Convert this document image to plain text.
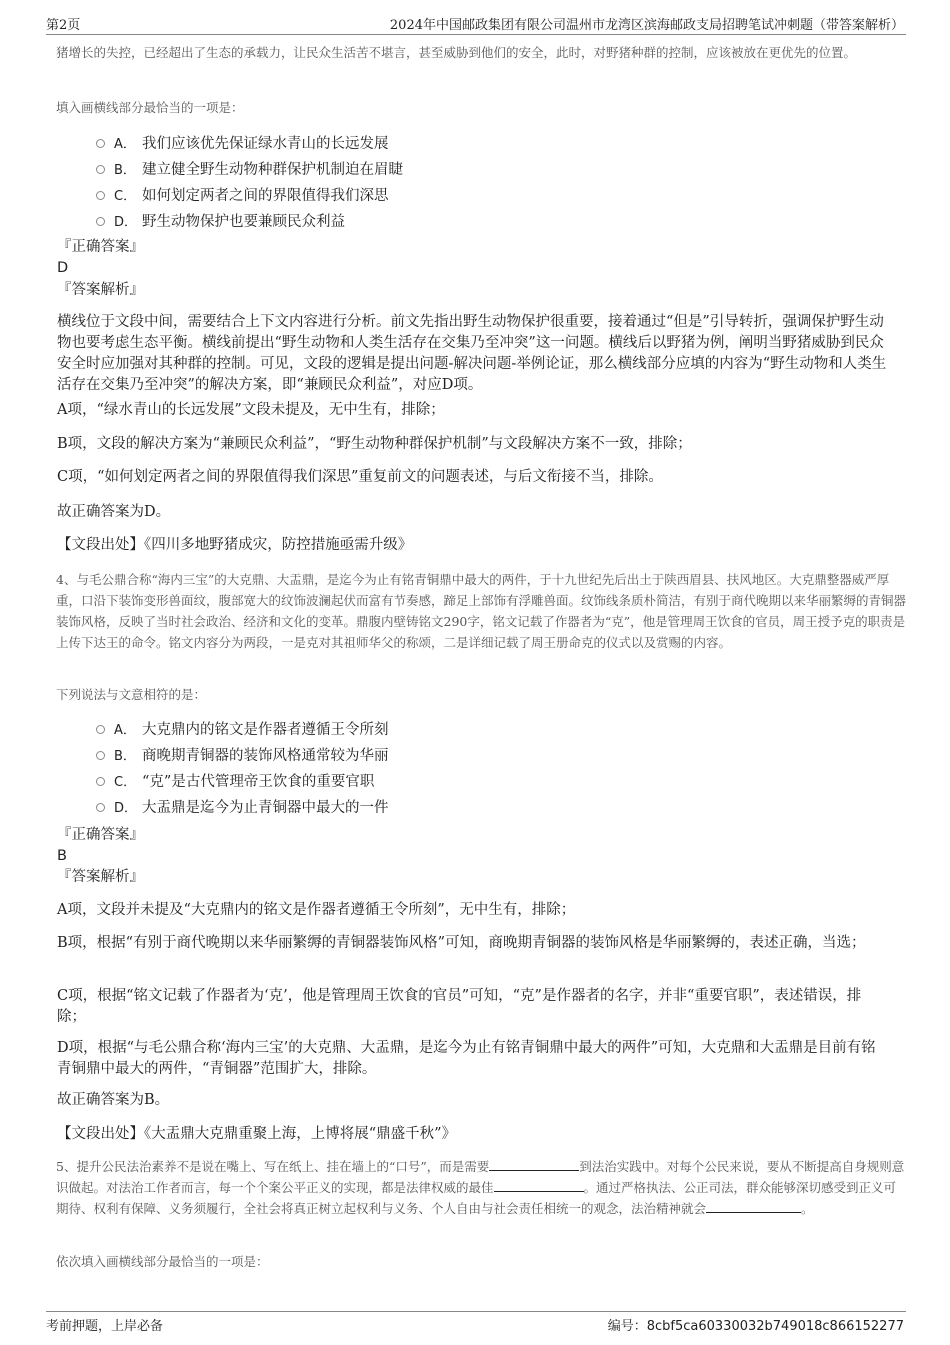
第2页	2024年中国邮政集团有限公司温州市龙湾区滨海邮政支局招聘笔试冲刺题（带答案解析）
猪增长的失控，已经超出了生态的承载力，让民众生活苦不堪言，甚至威胁到他们的安全，此时，对野猪种群的控制，应该被放在更优先的位置。
填入画横线部分最恰当的一项是：
A． 我们应该优先保证绿水青山的长远发展
B． 建立健全野生动物种群保护机制迫在眉睫
C． 如何划定两者之间的界限值得我们深思
D． 野生动物保护也要兼顾民众利益
『正确答案』
D
『答案解析』
横线位于文段中间，需要结合上下文内容进行分析。前文先指出野生动物保护很重要，接着通过“但是”引导转折，强调保护野生动物也要考虑生态平衡。横线前提出“野生动物和人类生活存在交集乃至冲突”这一问题。横线后以野猪为例，阐明当野猪威胁到民众安全时应加强对其种群的控制。可见，文段的逻辑是提出问题-解决问题-举例论证，那么横线部分应填的内容为“野生动物和人类生活存在交集乃至冲突”的解决方案，即“兼顾民众利益”，对应D项。
A项，“绿水青山的长远发展”文段未提及，无中生有，排除；
B项，文段的解决方案为“兼顾民众利益”，“野生动物种群保护机制”与文段解决方案不一致，排除；
C项，“如何划定两者之间的界限值得我们深思”重复前文的问题表述，与后文衔接不当，排除。
故正确答案为D。
【文段出处】《四川多地野猪成灾，防控措施亟需升级》
4、与毛公鼎合称“海内三宝”的大克鼎、大盂鼎，是迄今为止有铭青铜鼎中最大的两件，于十九世纪先后出土于陕西眉县、扶风地区。大克鼎整器威严厚重，口沿下装饰变形兽面纹，腹部宽大的纹饰波澜起伏而富有节奏感，蹄足上部饰有浮雕兽面。纹饰线条质朴简洁，有别于商代晚期以来华丽繁缛的青铜器装饰风格，反映了当时社会政治、经济和文化的变革。鼎腹内壁铸铭文290字，铭文记载了作器者为“克”，他是管理周王饮食的官员，周王授予克的职责是上传下达王的命令。铭文内容分为两段，一是克对其祖师华父的称颂，二是详细记载了周王册命克的仪式以及赏赐的内容。
下列说法与文意相符的是：
A． 大克鼎内的铭文是作器者遵循王令所刻
B． 商晚期青铜器的装饰风格通常较为华丽
C． “克”是古代管理帝王饮食的重要官职
D． 大盂鼎是迄今为止青铜器中最大的一件
『正确答案』
B
『答案解析』
A项，文段并未提及“大克鼎内的铭文是作器者遵循王令所刻”，无中生有，排除；
B项，根据“有别于商代晚期以来华丽繁缛的青铜器装饰风格”可知，商晚期青铜器的装饰风格是华丽繁缛的，表述正确，当选；
C项，根据“铭文记载了作器者为‘克’，他是管理周王饮食的官员”可知，“克”是作器者的名字，并非“重要官职”，表述错误，排除；
D项，根据“与毛公鼎合称‘海内三宝’的大克鼎、大盂鼎，是迄今为止有铭青铜鼎中最大的两件”可知，大克鼎和大盂鼎是目前有铭青铜鼎中最大的两件，“青铜器”范围扩大，排除。
故正确答案为B。
【文段出处】《大盂鼎大克鼎重聚上海，上博将展“鼎盛千秋”》
5、提升公民法治素养不是说在嘴上、写在纸上、挂在墙上的“口号”，而是需要	到法治实践中。对每个公民来说，要从不断提高自身规则意识做起。对法治工作者而言，每一个个案公平正义的实现，都是法律权威的最佳	。通过严格执法、公正司法，群众能够深切感受到正义可期待、权利有保障、义务须履行，全社会将真正树立起权利与义务、个人自由与社会责任相统一的观念，法治精神就会	。
依次填入画横线部分最恰当的一项是：
考前押题，上岸必备	编号：8cbf5ca60330032b749018c866152277
